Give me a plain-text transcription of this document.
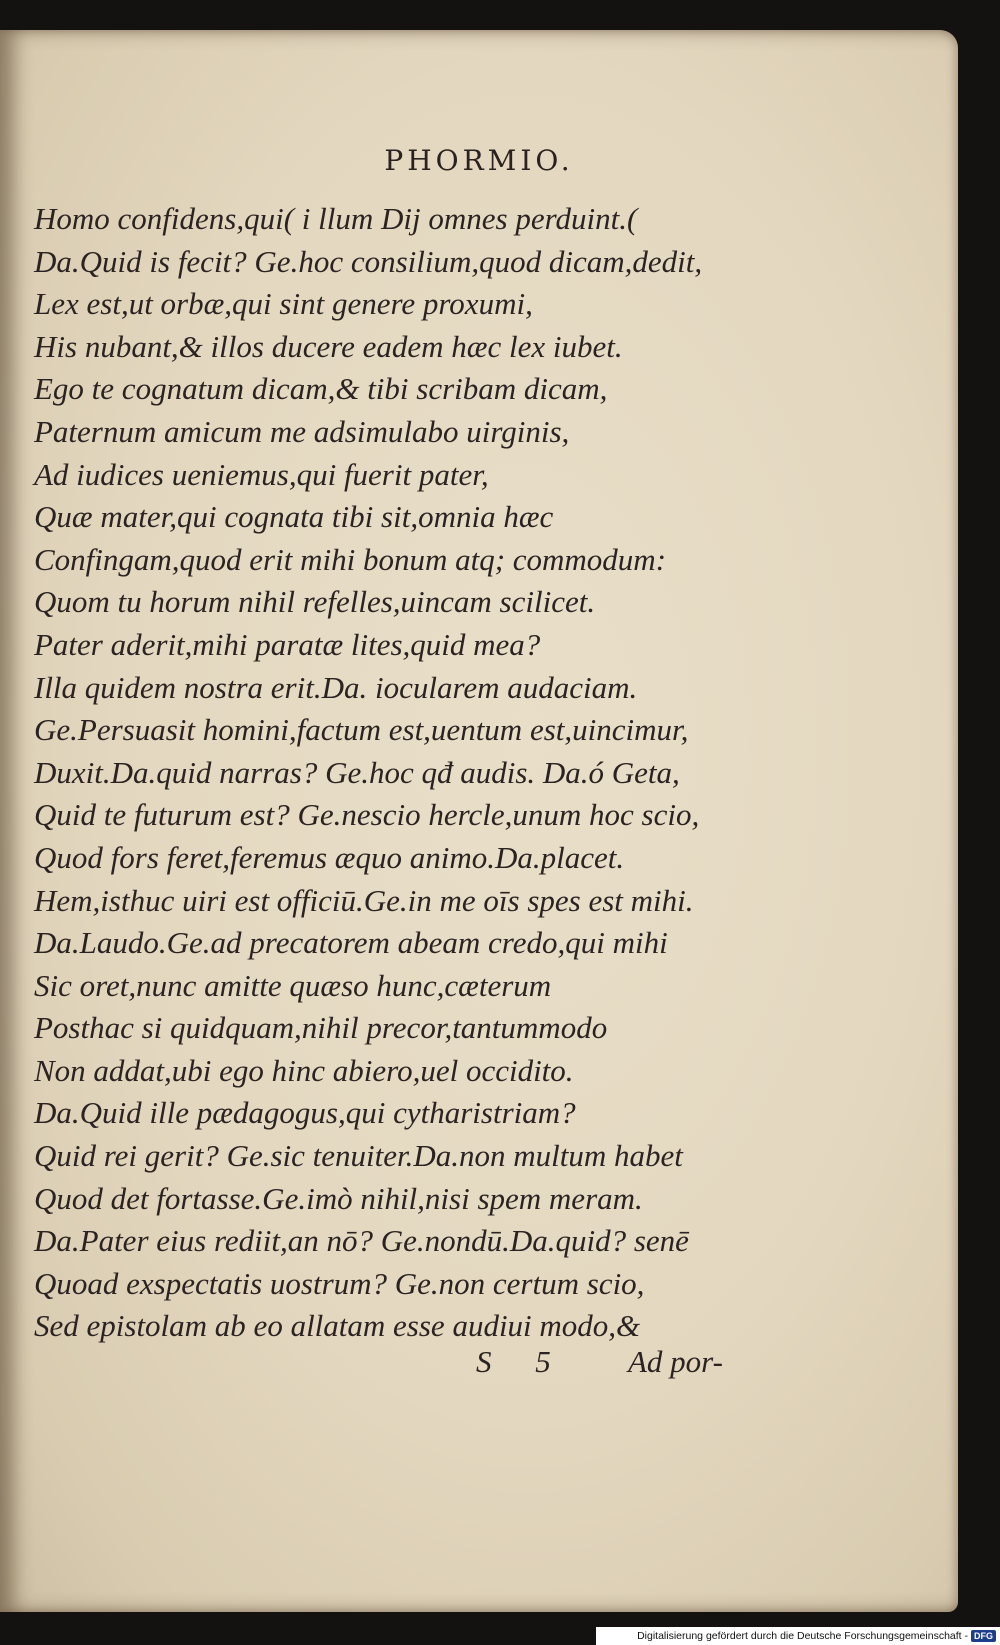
PHORMIO.
Homo confidens,qui( i llum Dij omnes perduint.(
Da.Quid is fecit? Ge.hoc consilium,quod dicam,dedit,
Lex est,ut orbæ,qui sint genere proxumi,
His nubant,& illos ducere eadem hæc lex iubet.
Ego te cognatum dicam,& tibi scribam dicam,
Paternum amicum me adsimulabo uirginis,
Ad iudices ueniemus,qui fuerit pater,
Quæ mater,qui cognata tibi sit,omnia hæc
Confingam,quod erit mihi bonum atq; commodum:
Quom tu horum nihil refelles,uincam scilicet.
Pater aderit,mihi paratæ lites,quid mea?
Illa quidem nostra erit.Da. iocularem audaciam.
Ge.Persuasit homini,factum est,uentum est,uincimur,
Duxit.Da.quid narras? Ge.hoc qđ audis. Da.ó Geta,
Quid te futurum est? Ge.nescio hercle,unum hoc scio,
Quod fors feret,feremus æquo animo.Da.placet.
Hem,isthuc uiri est officiū.Ge.in me oīs spes est mihi.
Da.Laudo.Ge.ad precatorem abeam credo,qui mihi
Sic oret,nunc amitte quæso hunc,cæterum
Posthac si quidquam,nihil precor,tantummodo
Non addat,ubi ego hinc abiero,uel occidito.
Da.Quid ille pædagogus,qui cytharistriam?
Quid rei gerit? Ge.sic tenuiter.Da.non multum habet
Quod det fortasse.Ge.imò nihil,nisi spem meram.
Da.Pater eius rediit,an nō? Ge.nondū.Da.quid? senē
Quoad exspectatis uostrum? Ge.non certum scio,
Sed epistolam ab eo allatam esse audiui modo,&
S 5 Ad por-
Digitalisierung gefördert durch die Deutsche Forschungsgemeinschaft - DFG
